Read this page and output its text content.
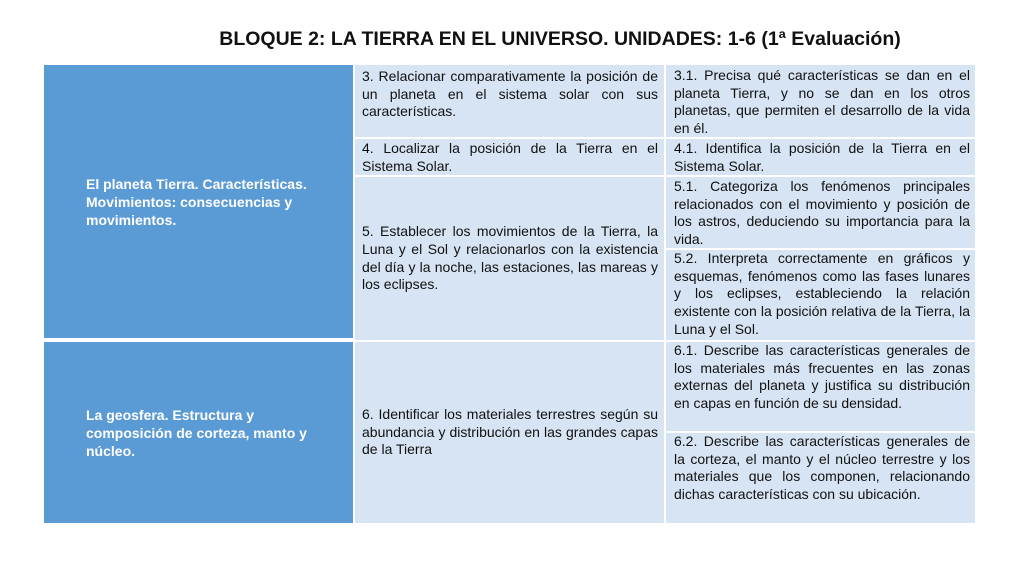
BLOQUE 2: LA TIERRA EN EL UNIVERSO. UNIDADES: 1-6 (1ª Evaluación)
El planeta Tierra. Características. Movimientos: consecuencias y movimientos.
La geosfera. Estructura y composición de corteza, manto y núcleo.
3. Relacionar comparativamente la posición de un planeta en el sistema solar con sus características.
4. Localizar la posición de la Tierra en el Sistema Solar.
5. Establecer los movimientos de la Tierra, la Luna y el Sol y relacionarlos con la existencia del día y la noche, las estaciones, las mareas y los eclipses.
6. Identificar los materiales terrestres según su abundancia y distribución en las grandes capas de la Tierra
3.1. Precisa qué características se dan en el planeta Tierra, y no se dan en los otros planetas, que permiten el desarrollo de la vida en él.
4.1. Identifica la posición de la Tierra en el Sistema Solar.
5.1. Categoriza los fenómenos principales relacionados con el movimiento y posición de los astros, deduciendo su importancia para la vida.
5.2. Interpreta correctamente en gráficos y esquemas, fenómenos como las fases lunares y los eclipses, estableciendo la relación existente con la posición relativa de la Tierra, la Luna y el Sol.
6.1. Describe las características generales de los materiales más frecuentes en las zonas externas del planeta y justifica su distribución en capas en función de su densidad.
6.2. Describe las características generales de la corteza, el manto y el núcleo terrestre y los materiales que los componen, relacionando dichas características con su ubicación.
